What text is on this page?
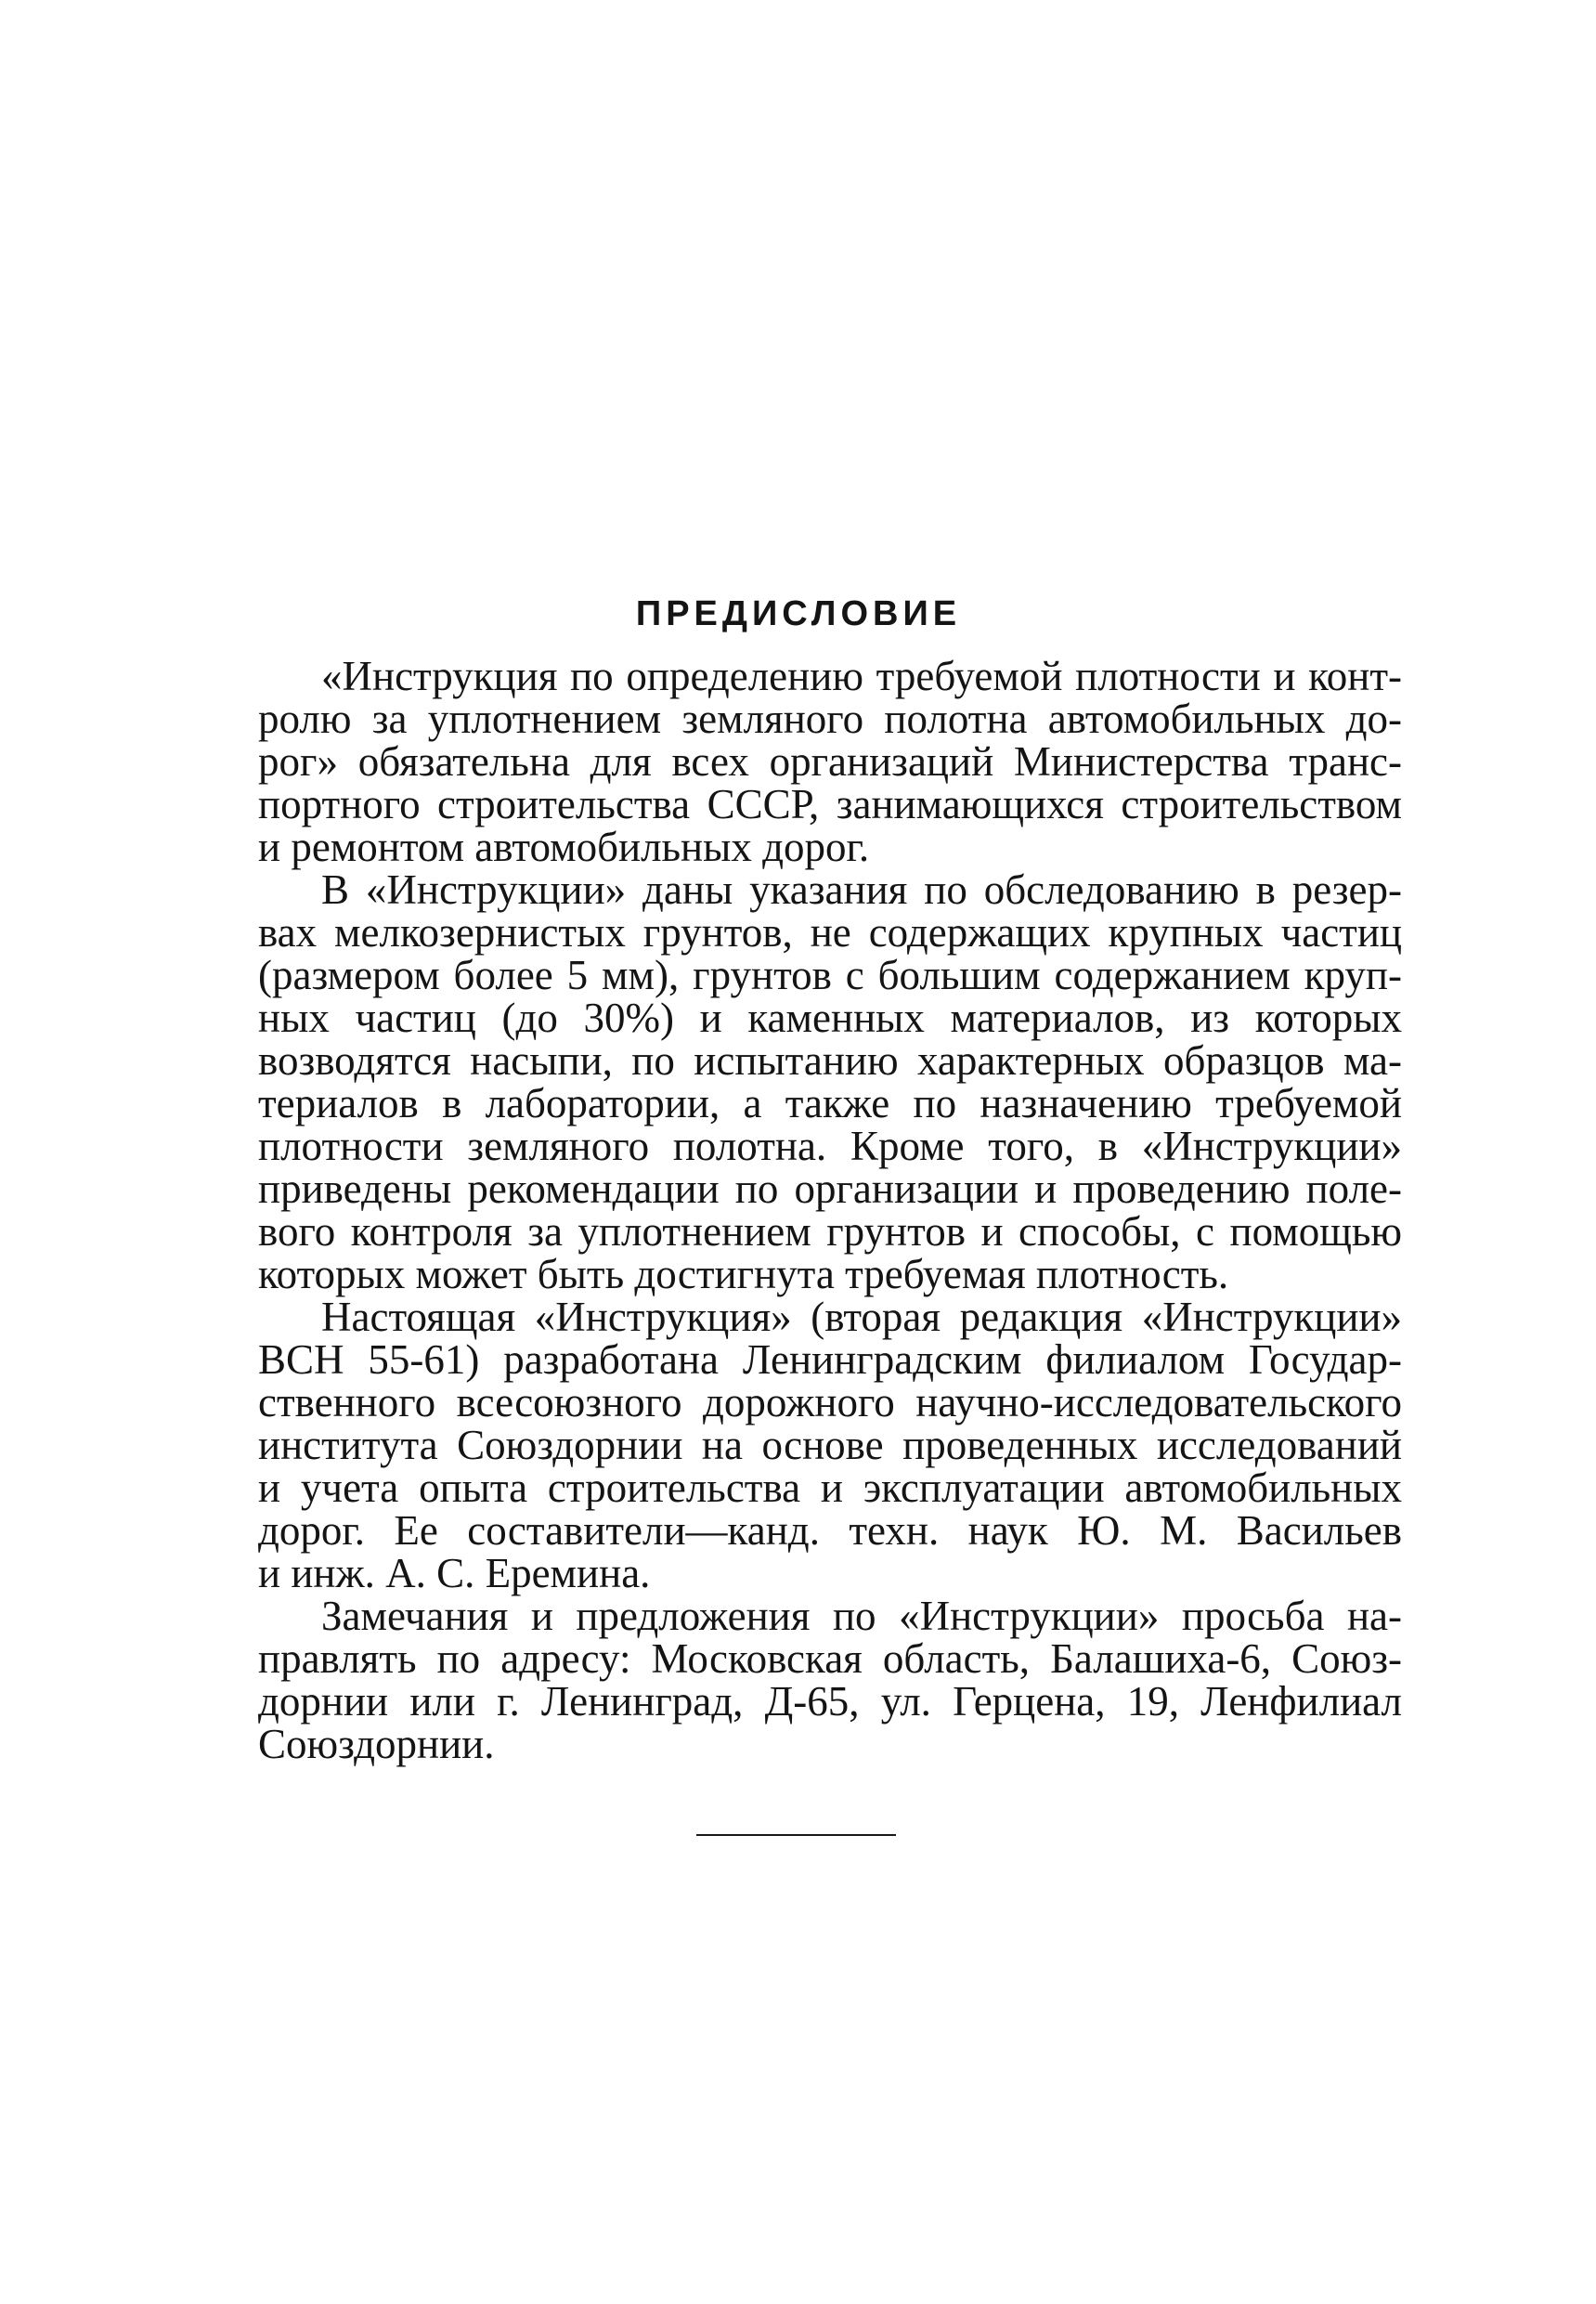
ПРЕДИСЛОВИЕ

«Инструкция по определению требуемой плотности и конт-
ролю за уплотнением земляного полотна автомобильных до-
рог» обязательна для всех организаций Министерства транс-
портного строительства СССР, занимающихся строительством
и ремонтом автомобильных дорог.

В «Инструкции» даны указания по обследованию в резер-
вах мелкозернистых грунтов, не содержащих крупных частиц
(размером более 5 мм), грунтов с большим содержанием круп-
ных частиц (до 30%) и каменных материалов, из которых
возводятся насыпи, по испытанию характерных образцов ма-
териалов в лаборатории, а также по назначению требуемой
плотности земляного полотна. Кроме того, в «Инструкции»
приведены рекомендации по организации и проведению поле-
вого контроля за уплотнением грунтов и способы, с помощью
которых может быть достигнута требуемая плотность.

Настоящая «Инструкция» (вторая редакция «Инструкции»
ВСН 55-61) разработана Ленинградским филиалом Государ-
ственного всесоюзного дорожного научно-исследовательского
института Союздорнии на основе проведенных исследований
и учета опыта строительства и эксплуатации автомобильных
дорог. Ее составители—канд. техн. наук Ю. М. Васильев
и инж. А. С. Еремина.

Замечания и предложения по «Инструкции» просьба на-
правлять по адресу: Московская область, Балашиха-6, Союз-
дорнии или г. Ленинград, Д-65, ул. Герцена, 19, Ленфилиал
Союздорнии.
